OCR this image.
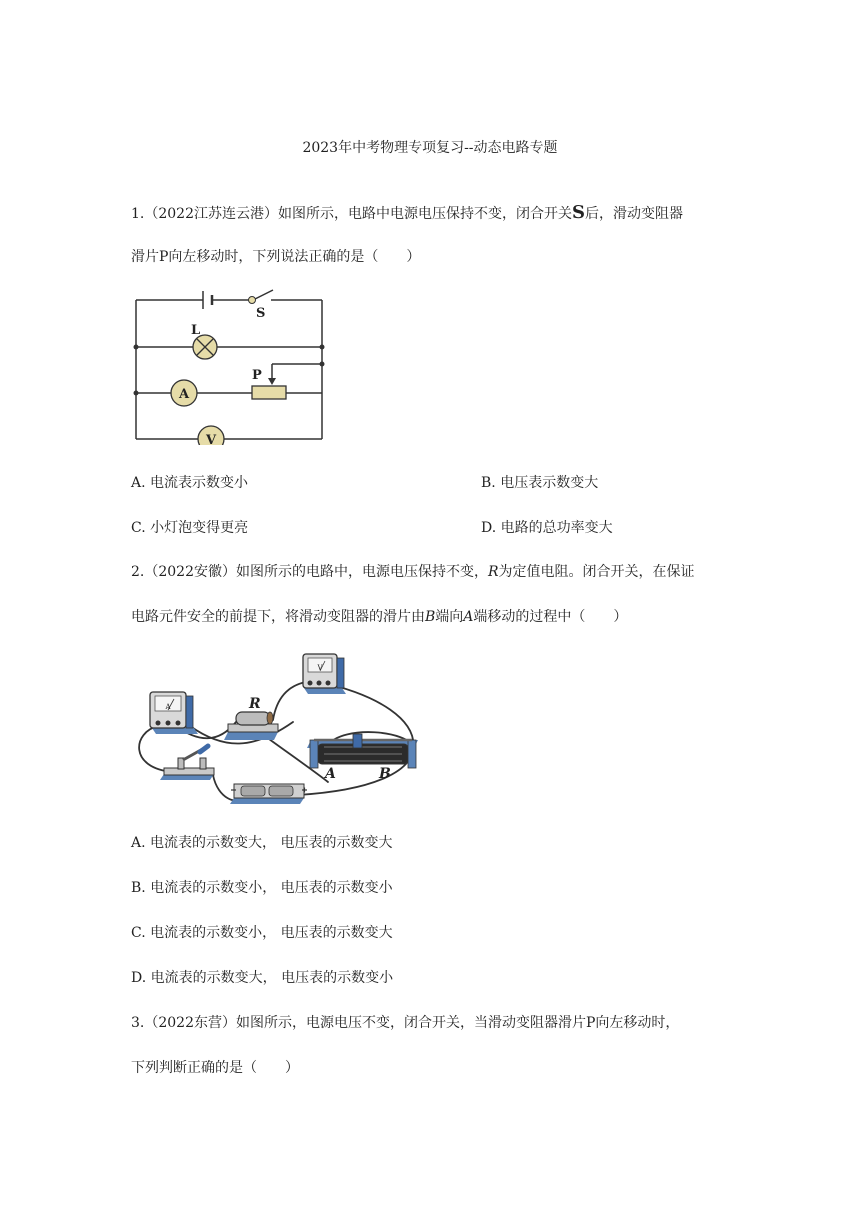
2023年中考物理专项复习--动态电路专题
1.（2022江苏连云港）如图所示，电路中电源电压保持不变，闭合开关S后，滑动变阻器
滑片P向左移动时，下列说法正确的是（　　）
L
S
P
A
V
A. 电流表示数变小	B. 电压表示数变大
C. 小灯泡变得更亮	D. 电路的总功率变大
2.（2022安徽）如图所示的电路中，电源电压保持不变，R为定值电阻。闭合开关，在保证
电路元件安全的前提下，将滑动变阻器的滑片由B端向A端移动的过程中（　　）
A
V
R
A	B
A. 电流表的示数变大， 电压表的示数变大
B. 电流表的示数变小， 电压表的示数变小
C. 电流表的示数变小， 电压表的示数变大
D. 电流表的示数变大， 电压表的示数变小
3.（2022东营）如图所示，电源电压不变，闭合开关，当滑动变阻器滑片P向左移动时，
下列判断正确的是（　　）
